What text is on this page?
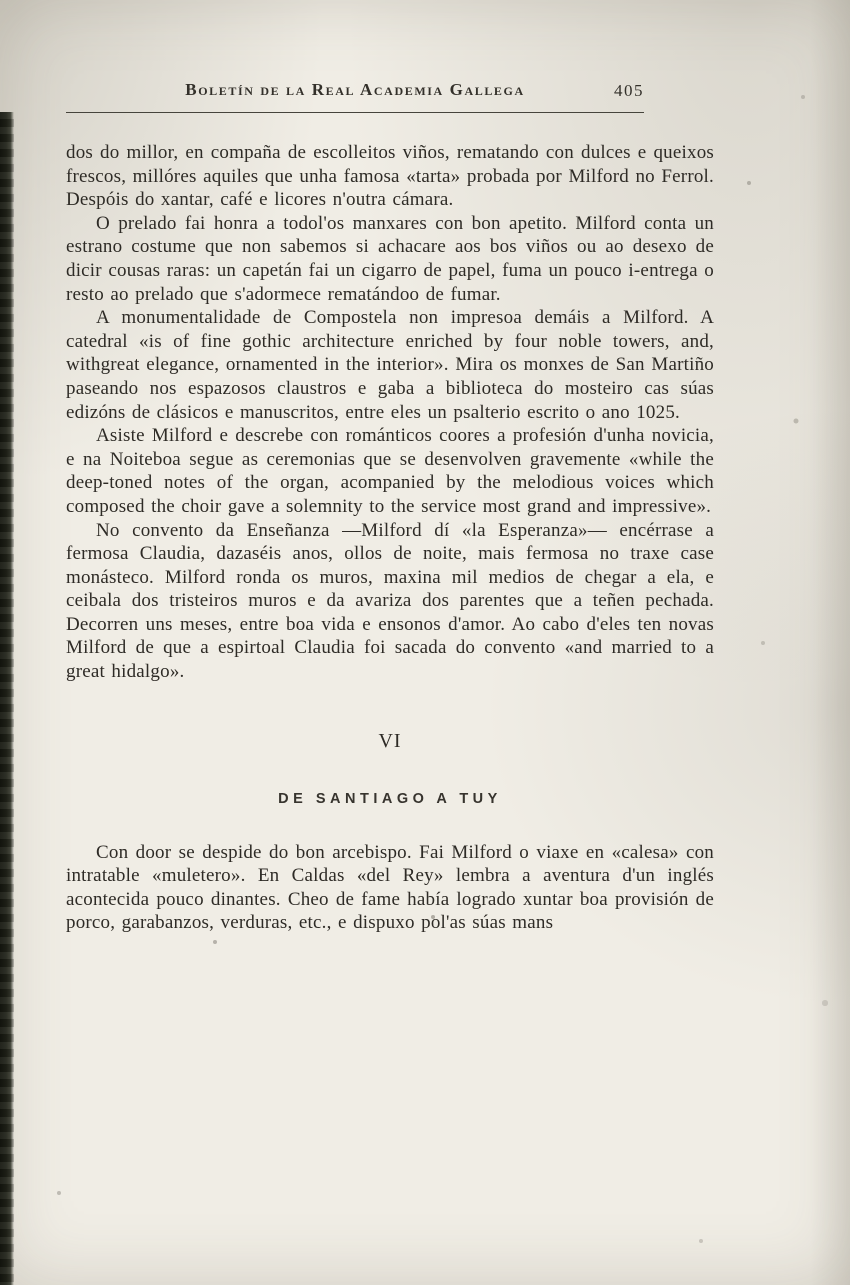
Boletín de la Real Academia Gallega	405

dos do millor, en compaña de escolleitos viños, rematando con dulces e queixos frescos, millóres aquiles que unha famosa «tarta» probada por Milford no Ferrol. Despóis do xantar, café e licores n'outra cámara.

O prelado fai honra a todol'os manxares con bon apetito. Milford conta un estrano costume que non sabemos si achacare aos bos viños ou ao desexo de dicir cousas raras: un capetán fai un cigarro de papel, fuma un pouco i-entrega o resto ao prelado que s'adormece rematándoo de fumar.

A monumentalidade de Compostela non impresoa demáis a Milford. A catedral «is of fine gothic architecture enriched by four noble towers, and, withgreat elegance, ornamented in the interior». Mira os monxes de San Martiño paseando nos espazosos claustros e gaba a biblioteca do mosteiro cas súas edizóns de clásicos e manuscritos, entre eles un psalterio escrito o ano 1025.

Asiste Milford e descrebe con románticos coores a profesión d'unha novicia, e na Noiteboa segue as ceremonias que se desenvolven gravemente «while the deep-toned notes of the organ, acompanied by the melodious voices which composed the choir gave a solemnity to the service most grand and impressive».

No convento da Enseñanza —Milford dí «la Esperanza»— encérrase a fermosa Claudia, dazaséis anos, ollos de noite, mais fermosa no traxe case monásteco. Milford ronda os muros, maxina mil medios de chegar a ela, e ceibala dos tristeiros muros e da avariza dos parentes que a teñen pechada. Decorren uns meses, entre boa vida e ensonos d'amor. Ao cabo d'eles ten novas Milford de que a espirtoal Claudia foi sacada do convento «and married to a great hidalgo».

VI
DE SANTIAGO A TUY

Con door se despide do bon arcebispo. Fai Milford o viaxe en «calesa» con intratable «muletero». En Caldas «del Rey» lembra a aventura d'un inglés acontecida pouco dinantes. Cheo de fame había logrado xuntar boa provisión de porco, garabanzos, verduras, etc., e dispuxo pol'as súas mans
